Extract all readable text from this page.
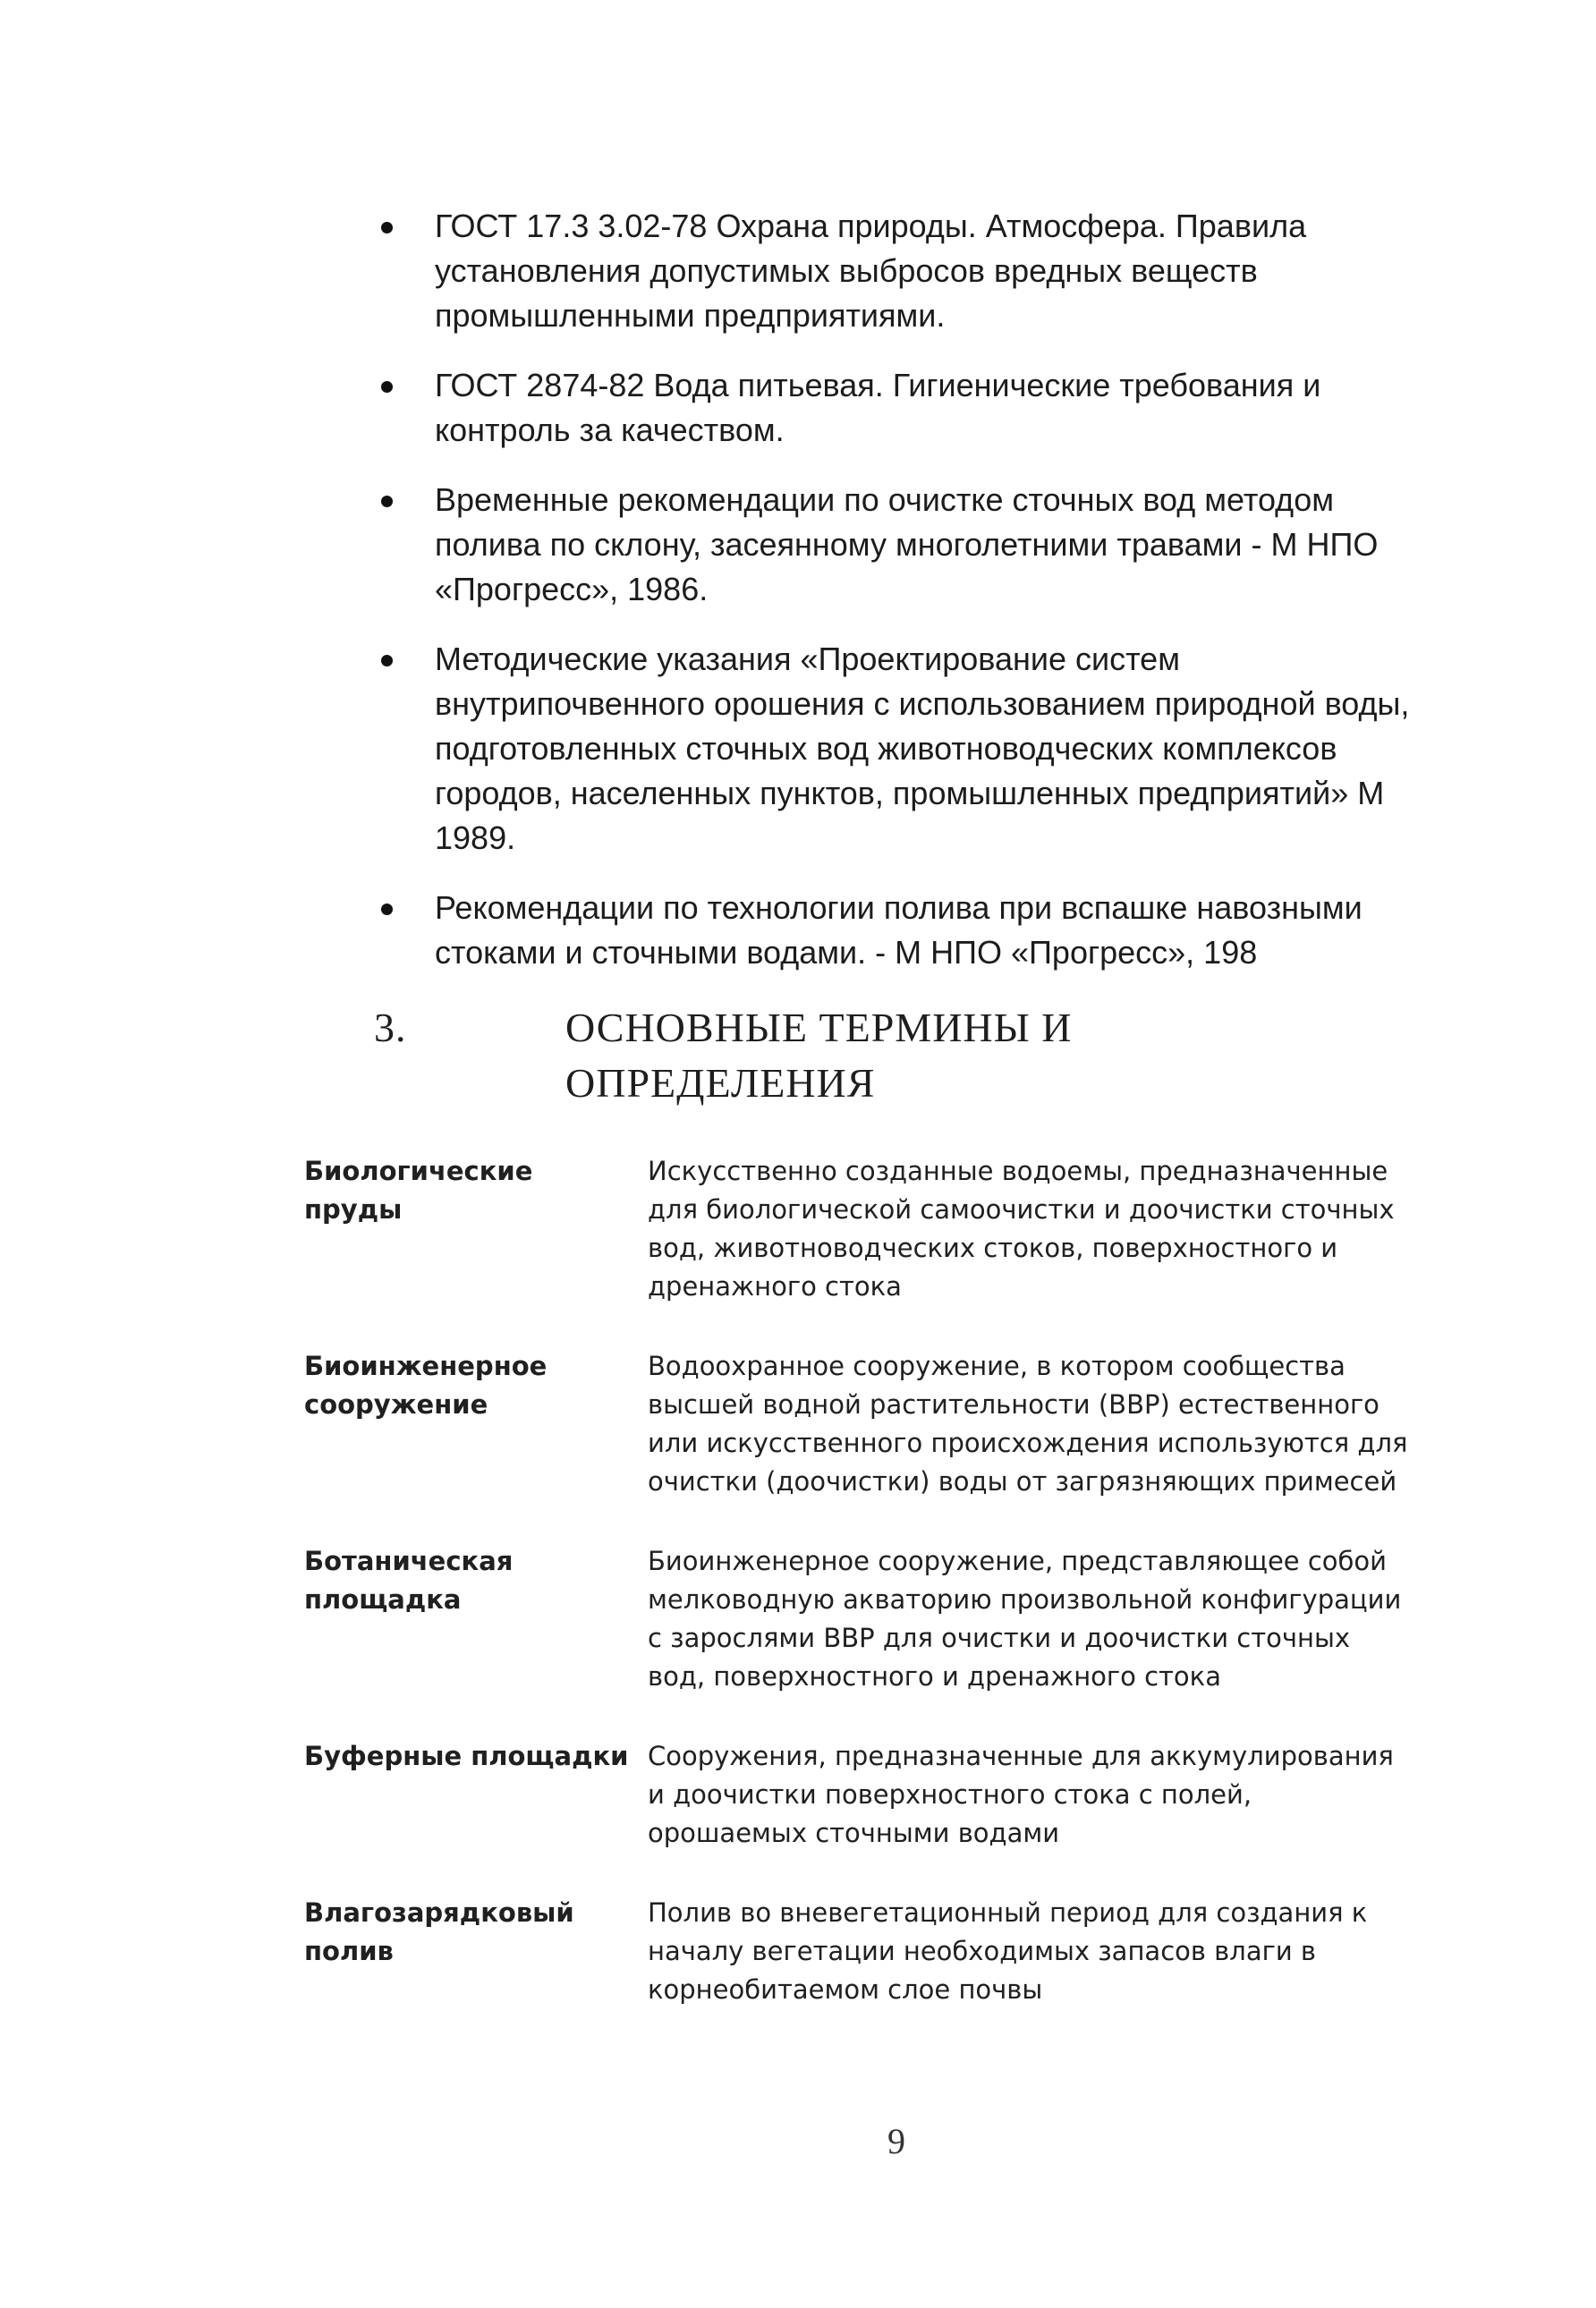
ГОСТ 17.3 3.02-78 Охрана природы. Атмосфера. Правила установления допустимых выбросов вредных веществ промышленными предприятиями.
ГОСТ 2874-82 Вода питьевая. Гигиенические требования и контроль за качеством.
Временные рекомендации по очистке сточных вод методом полива по склону, засеянному многолетними травами - М НПО «Прогресс», 1986.
Методические указания «Проектирование систем внутрипочвенного орошения с использованием природной воды, подготовленных сточных вод животноводческих комплексов городов, населенных пунктов, промышленных предприятий» М 1989.
Рекомендации по технологии полива при вспашке навозными стоками и сточными водами. - М НПО «Прогресс», 198
3.	ОСНОВНЫЕ ТЕРМИНЫ И ОПРЕДЕЛЕНИЯ
Биологические пруды
Искусственно созданные водоемы, предназначенные для биологической самоочистки и доочистки сточных вод, животноводческих стоков, поверхностного и дренажного стока
Биоинженерное сооружение
Водоохранное сооружение, в котором сообщества высшей водной растительности (ВВР) естественного или искусственного происхождения используются для очистки (доочистки) воды от загрязняющих примесей
Ботаническая площадка
Биоинженерное сооружение, представляющее собой мелководную акваторию произвольной конфигурации с зарослями ВВР для очистки и доочистки сточных вод, поверхностного и дренажного стока
Буферные площадки Сооружения, предназначенные для аккумулирования и доочистки поверхностного стока с полей, орошаемых сточными водами
Влагозарядковый полив
Полив во вневегетационный период для создания к началу вегетации необходимых запасов влаги в корнеобитаемом слое почвы
9
